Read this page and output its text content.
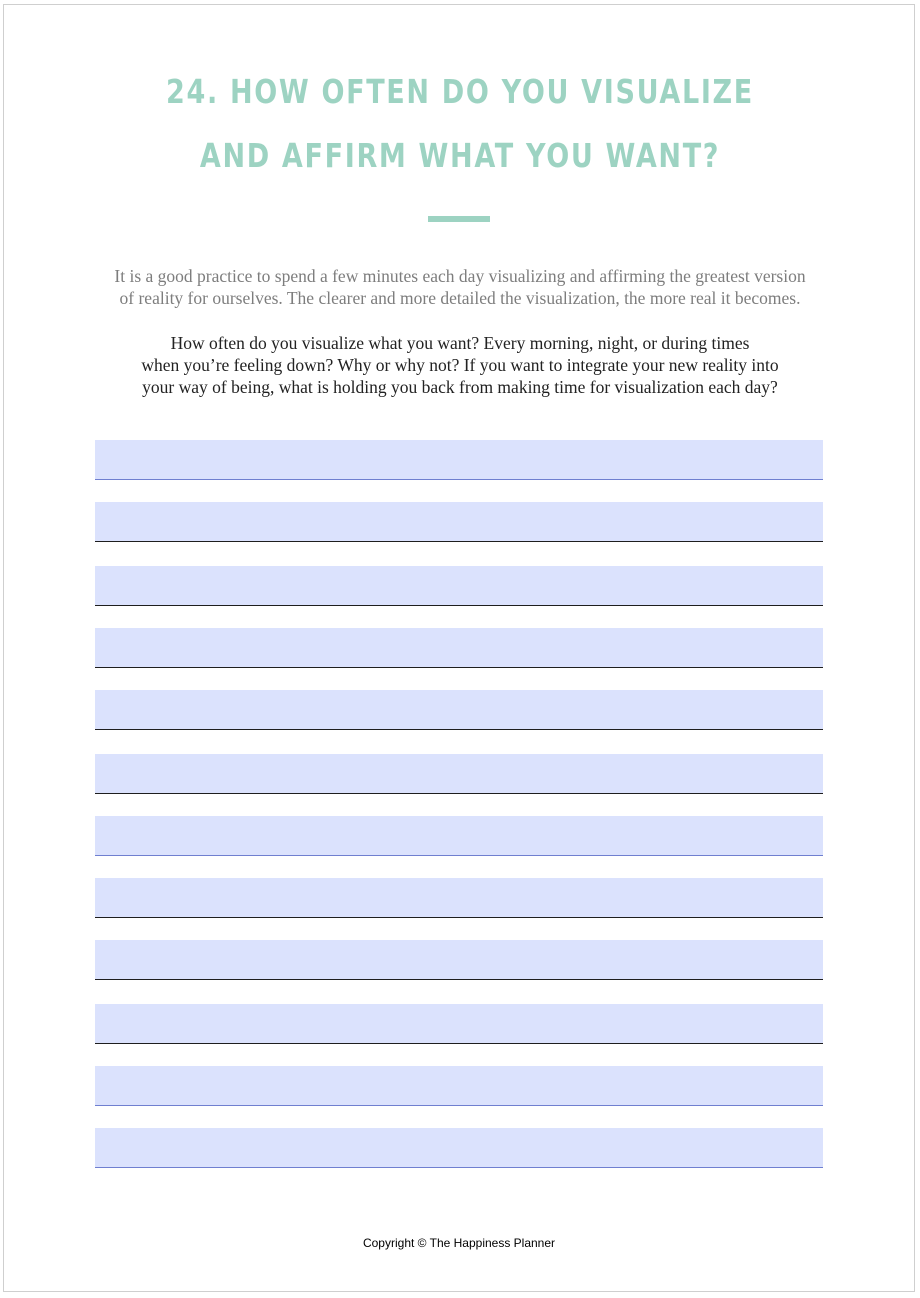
24. HOW OFTEN DO YOU VISUALIZE
AND AFFIRM WHAT YOU WANT?

It is a good practice to spend a few minutes each day visualizing and affirming the greatest version

of reality for ourselves. The clearer and more detailed the visualization, the more real it becomes.

How often do you visualize what you want? Every morning, night, or during times

when you’re feeling down? Why or why not? If you want to integrate your new reality into

your way of being, what is holding you back from making time for visualization each day?

Copyright © The Happiness Planner
